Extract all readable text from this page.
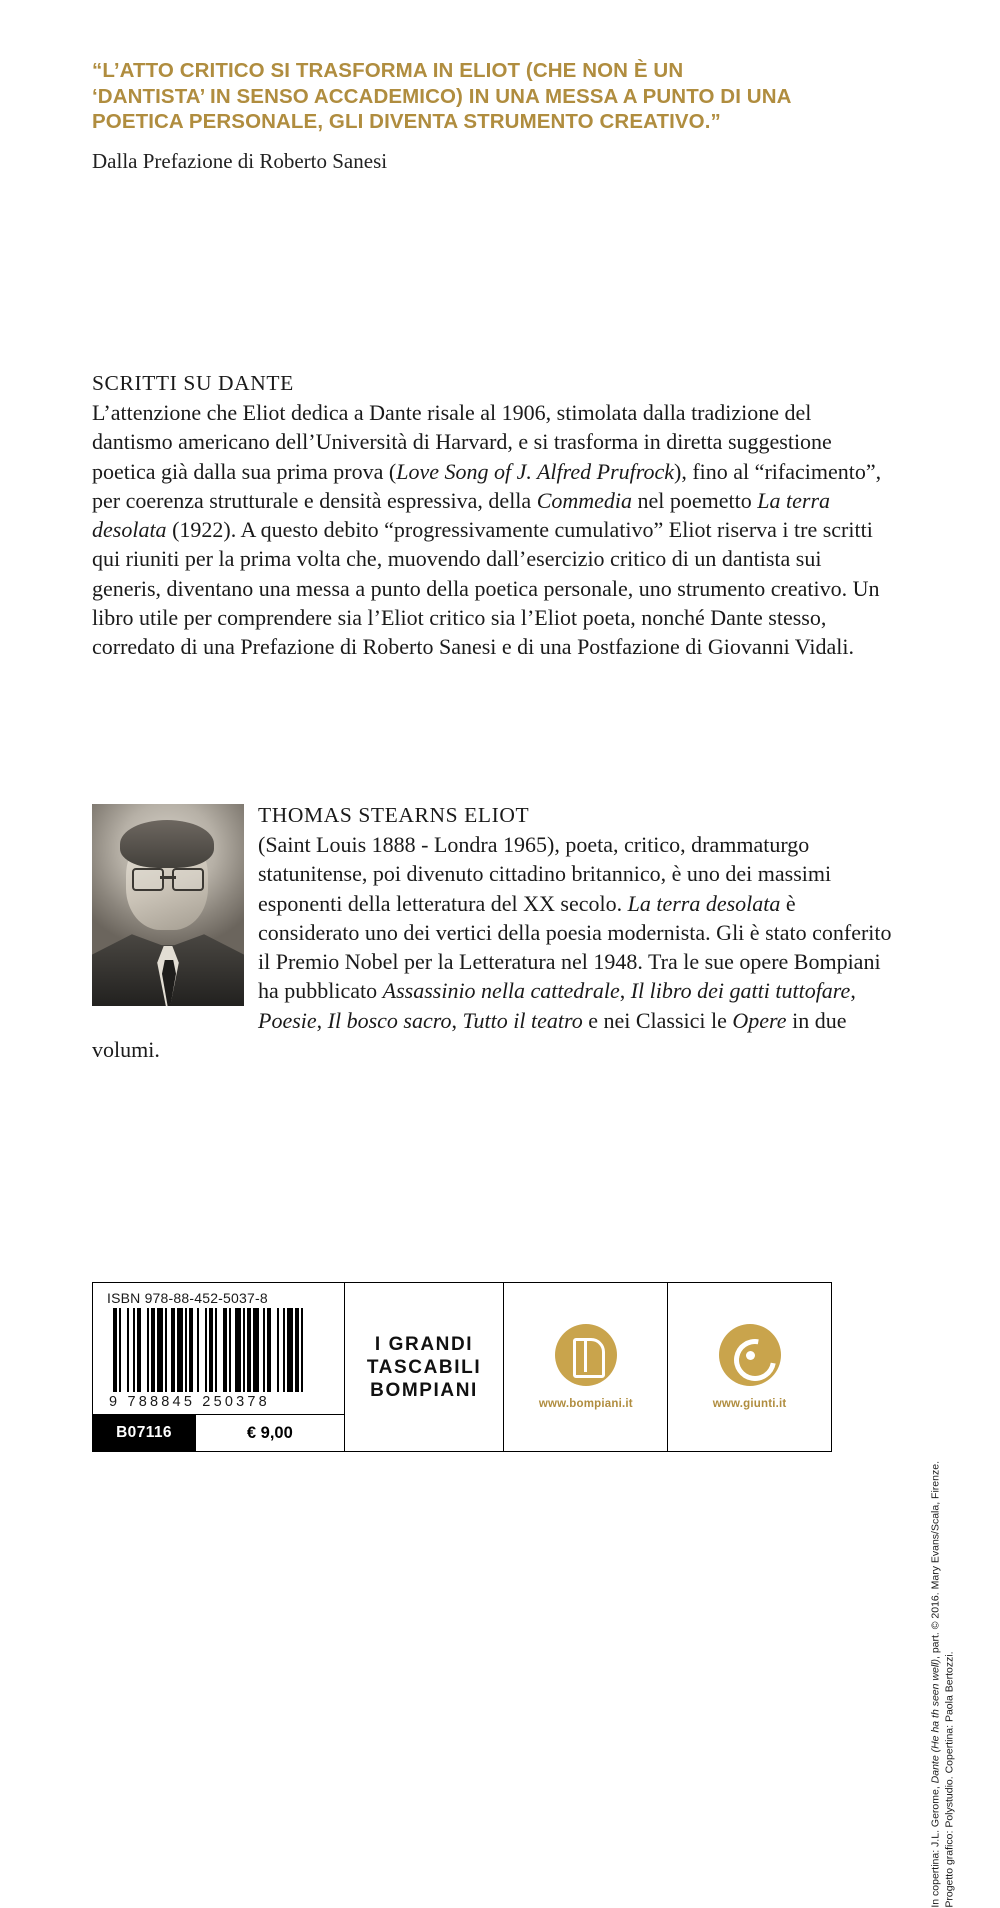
“L’ATTO CRITICO SI TRASFORMA IN ELIOT (CHE NON È UN ‘DANTISTA’ IN SENSO ACCADEMICO) IN UNA MESSA A PUNTO DI UNA POETICA PERSONALE, GLI DIVENTA STRUMENTO CREATIVO.”

Dalla Prefazione di Roberto Sanesi

SCRITTI SU DANTE
L’attenzione che Eliot dedica a Dante risale al 1906, stimolata dalla tradizione del dantismo americano dell’Università di Harvard, e si trasforma in diretta suggestione poetica già dalla sua prima prova (Love Song of J. Alfred Prufrock), fino al “rifacimento”, per coerenza strutturale e densità espressiva, della Commedia nel poemetto La terra desolata (1922). A questo debito “progressivamente cumulativo” Eliot riserva i tre scritti qui riuniti per la prima volta che, muovendo dall’esercizio critico di un dantista sui generis, diventano una messa a punto della poetica personale, uno strumento creativo. Un libro utile per comprendere sia l’Eliot critico sia l’Eliot poeta, nonché Dante stesso, corredato di una Prefazione di Roberto Sanesi e di una Postfazione di Giovanni Vidali.

THOMAS STEARNS ELIOT
(Saint Louis 1888 - Londra 1965), poeta, critico, drammaturgo statunitense, poi divenuto cittadino britannico, è uno dei massimi esponenti della letteratura del XX secolo. La terra desolata è considerato uno dei vertici della poesia modernista. Gli è stato conferito il Premio Nobel per la Letteratura nel 1948. Tra le sue opere Bompiani ha pubblicato Assassinio nella cattedrale, Il libro dei gatti tuttofare, Poesie, Il bosco sacro, Tutto il teatro e nei Classici le Opere in due volumi.

ISBN 978-88-452-5037-8
9 788845 250378
B07116	€ 9,00
I GRANDI
TASCABILI
BOMPIANI
www.bompiani.it	www.giunti.it
In copertina: J.L. Gerome, Dante (He ha th seen well), part. © 2016. Mary Evans/Scala, Firenze.
Progetto grafico: Polystudio. Copertina: Paola Bertozzi.
